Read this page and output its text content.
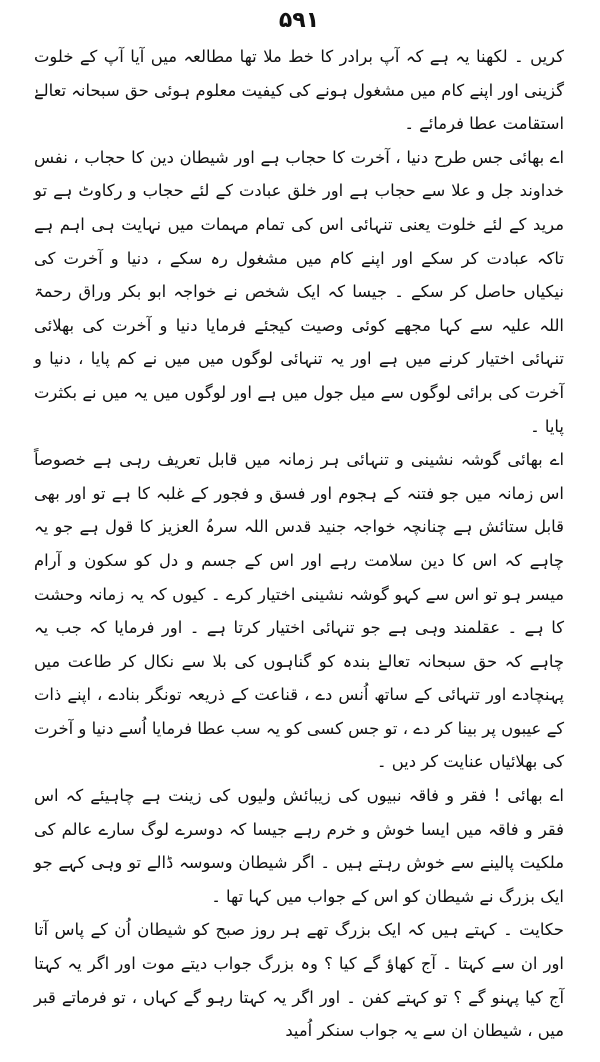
۵۹۱

کریں ۔ لکھنا یہ ہے کہ آپ برادر کا خط ملا تھا مطالعہ میں آیا آپ کے خلوت گزینی اور اپنے کام میں مشغول ہونے کی کیفیت معلوم ہوئی حق سبحانہ تعالےٰ استقامت عطا فرمائے ۔

اے بھائی جس طرح دنیا ، آخرت کا حجاب ہے اور شیطان دین کا حجاب ، نفس خداوند جل و علا سے حجاب ہے اور خلق عبادت کے لئے حجاب و رکاوٹ ہے تو مرید کے لئے خلوت یعنی تنہائی اس کی تمام مہمات میں نہایت ہی اہم ہے تاکہ عبادت کر سکے اور اپنے کام میں مشغول رہ سکے ، دنیا و آخرت کی نیکیاں حاصل کر سکے ۔ جیسا کہ ایک شخص نے خواجہ ابو بکر وراق رحمۃ اللہ علیہ سے کہا مجھے کوئی وصیت کیجئے فرمایا دنیا و آخرت کی بھلائی تنہائی اختیار کرنے میں ہے اور یہ تنہائی لوگوں میں میں نے کم پایا ، دنیا و آخرت کی برائی لوگوں سے میل جول میں ہے اور لوگوں میں یہ میں نے بکثرت پایا ۔

اے بھائی گوشہ نشینی و تنہائی ہر زمانہ میں قابل تعریف رہی ہے خصوصاً اس زمانہ میں جو فتنہ کے ہجوم اور فسق و فجور کے غلبہ کا ہے تو اور بھی قابل ستائش ہے چنانچہ خواجہ جنید قدس اللہ سرہُ العزیز کا قول ہے جو یہ چاہے کہ اس کا دین سلامت رہے اور اس کے جسم و دل کو سکون و آرام میسر ہو تو اس سے کہو گوشہ نشینی اختیار کرے ۔ کیوں کہ یہ زمانہ وحشت کا ہے ۔ عقلمند وہی ہے جو تنہائی اختیار کرتا ہے ۔ اور فرمایا کہ جب یہ چاہے کہ حق سبحانہ تعالےٰ بندہ کو گناہوں کی بلا سے نکال کر طاعت میں پہنچادے اور تنہائی کے ساتھ اُنس دے ، قناعت کے ذریعہ تونگر بنادے ، اپنے ذات کے عیبوں پر بینا کر دے ، تو جس کسی کو یہ سب عطا فرمایا اُسے دنیا و آخرت کی بھلائیاں عنایت کر دیں ۔

اے بھائی ! فقر و فاقہ نبیوں کی زیبائش ولیوں کی زینت ہے چاہیئے کہ اس فقر و فاقہ میں ایسا خوش و خرم رہے جیسا کہ دوسرے لوگ سارے عالم کی ملکیت پالینے سے خوش رہتے ہیں ۔ اگر شیطان وسوسہ ڈالے تو وہی کہے جو ایک بزرگ نے شیطان کو اس کے جواب میں کہا تھا ۔

حکایت ۔ کہتے ہیں کہ ایک بزرگ تھے ہر روز صبح کو شیطان اُن کے پاس آتا اور ان سے کہتا ۔ آج کھاؤ گے کیا ؟ وہ بزرگ جواب دیتے موت اور اگر یہ کہتا آج کیا پہنو گے ؟ تو کہتے کفن ۔ اور اگر یہ کہتا رہو گے کہاں ، تو فرماتے قبر میں ، شیطان ان سے یہ جواب سنکر اُمید
